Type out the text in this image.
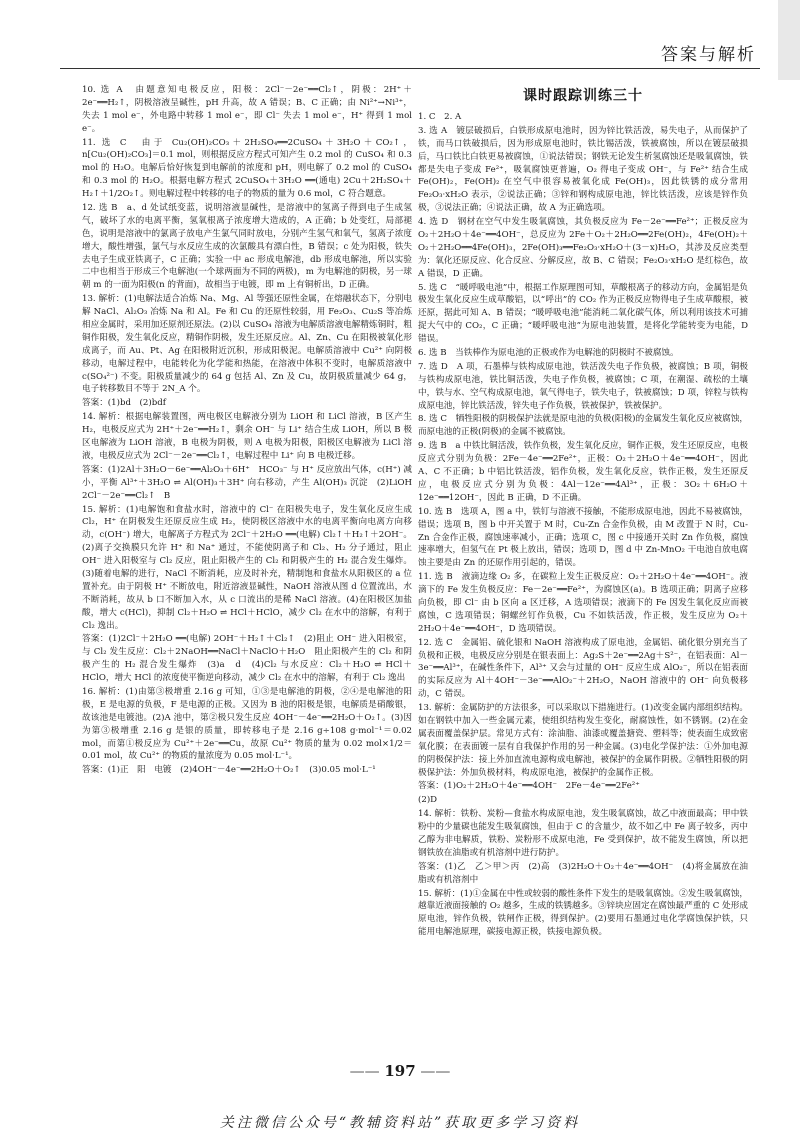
答案与解析

10. 选 A　由题意知电极反应，阳极：2Cl⁻－2e⁻══Cl₂↑，阴极：2H⁺＋2e⁻══H₂↑，阴极溶液呈碱性，pH 升高，故 A 错误；B、C 正确；由 Ni²⁺→Ni³⁺，失去 1 mol e⁻，外电路中转移 1 mol e⁻，即 Cl⁻ 失去 1 mol e⁻，H⁺ 得到 1 mol e⁻。

11. 选 C　由于 Cu₂(OH)₂CO₃＋2H₂SO₄══2CuSO₄＋3H₂O＋CO₂↑，n[Cu₂(OH)₂CO₃]＝0.1 mol，则根据反应方程式可知产生 0.2 mol 的 CuSO₄ 和 0.3 mol 的 H₂O。电解后恰好恢复到电解前的浓度和 pH，则电解了 0.2 mol 的 CuSO₄ 和 0.3 mol 的 H₂O。根据电解方程式 2CuSO₄＋3H₂O ══(通电) 2Cu＋2H₂SO₄＋H₂↑＋1/2O₂↑。则电解过程中转移的电子的物质的量为 0.6 mol，C 符合题意。

12. 选 B　a、d 处试纸变蓝，说明溶液显碱性，是溶液中的氢离子得到电子生成氢气，破坏了水的电离平衡，氢氧根离子浓度增大造成的，A 正确；b 处变红，局部褪色，说明是溶液中的氯离子放电产生氯气同时放电，分别产生氢气和氧气，氢离子浓度增大，酸性增强，氯气与水反应生成的次氯酸具有漂白性，B 错误；c 处为阳极，铁失去电子生成亚铁离子，C 正确；实验一中 ac 形成电解池，db 形成电解池，所以实验二中也相当于形成三个电解池(一个球两面为不同的两极)，m 为电解池的阴极，另一球朝 m 的一面为阳极(n 的背面)，故相当于电镀，即 m 上有铜析出，D 正确。

13. 解析：(1)电解法适合冶炼 Na、Mg、Al 等强还原性金属，在熔融状态下，分别电解 NaCl、Al₂O₃ 冶炼 Na 和 Al。Fe 和 Cu 的还原性较弱，用 Fe₂O₃、Cu₂S 等冶炼相应金属时，采用加还原剂还原法。(2)以 CuSO₄ 溶液为电解质溶液电解精炼铜时，粗铜作阳极，发生氧化反应，精铜作阴极，发生还原反应。Al、Zn、Cu 在阳极被氧化形成离子，而 Au、Pt、Ag 在阳极附近沉积，形成阳极泥。电解质溶液中 Cu²⁺ 向阴极移动，电解过程中，电能转化为化学能和热能，在溶液中体积不变时，电解质溶液中 c(SO₄²⁻) 不变。阳极质量减少的 64 g 包括 Al、Zn 及 Cu，故阴极质量减少 64 g，电子转移数目不等于 2N_A 个。

答案：(1)bd　(2)bdf

14. 解析：根据电解装置图，两电极区电解液分别为 LiOH 和 LiCl 溶液，B 区产生 H₂，电极反应式为 2H⁺＋2e⁻══H₂↑，剩余 OH⁻ 与 Li⁺ 结合生成 LiOH，所以 B 极区电解液为 LiOH 溶液，B 电极为阴极，则 A 电极为阳极，阳极区电解液为 LiCl 溶液，电极反应式为 2Cl⁻－2e⁻══Cl₂↑，电解过程中 Li⁺ 向 B 电极迁移。

答案：(1)2Al＋3H₂O－6e⁻══Al₂O₃＋6H⁺　HCO₃⁻ 与 H⁺ 反应放出气体，c(H⁺) 减小，平衡 Al³⁺＋3H₂O ⇌ Al(OH)₃＋3H⁺ 向右移动，产生 Al(OH)₃ 沉淀　(2)LiOH　2Cl⁻－2e⁻══Cl₂↑　B

15. 解析：(1)电解饱和食盐水时，溶液中的 Cl⁻ 在阳极失电子，发生氧化反应生成 Cl₂，H⁺ 在阴极发生还原反应生成 H₂，使阴极区溶液中水的电离平衡向电离方向移动，c(OH⁻) 增大，电解离子方程式为 2Cl⁻＋2H₂O ══(电解) Cl₂↑＋H₂↑＋2OH⁻。(2)离子交换膜只允许 H⁺ 和 Na⁺ 通过，不能使阴离子和 Cl₂、H₂ 分子通过，阻止 OH⁻ 进入阳极室与 Cl₂ 反应，阻止阳极产生的 Cl₂ 和阴极产生的 H₂ 混合发生爆炸。(3)随着电解的进行，NaCl 不断消耗，应及时补充，精制饱和食盐水从阳极区的 a 位置补充。由于阴极 H⁺ 不断放电，附近溶液显碱性，NaOH 溶液从图 d 位置流出，水不断消耗，故从 b 口不断加入水，从 c 口流出的是稀 NaCl 溶液。(4)在阳极区加盐酸，增大 c(HCl)，抑制 Cl₂＋H₂O ⇌ HCl＋HClO，减少 Cl₂ 在水中的溶解，有利于 Cl₂ 逸出。

答案：(1)2Cl⁻＋2H₂O ══(电解) 2OH⁻＋H₂↑＋Cl₂↑　(2)阻止 OH⁻ 进入阳极室，与 Cl₂ 发生反应：Cl₂＋2NaOH══NaCl＋NaClO＋H₂O　阻止阳极产生的 Cl₂ 和阴极产生的 H₂ 混合发生爆炸　(3)a　d　(4)Cl₂ 与水反应：Cl₂＋H₂O ⇌ HCl＋HClO，增大 HCl 的浓度使平衡逆向移动，减少 Cl₂ 在水中的溶解，有利于 Cl₂ 逸出

16. 解析：(1)由第③极增重 2.16 g 可知，①③是电解池的阴极，②④是电解池的阳极，E 是电源的负极，F 是电源的正极。又因为 B 池的阳极是银，电解质是硝酸银，故该池是电镀池。(2)A 池中，第②极只发生反应 4OH⁻－4e⁻══2H₂O＋O₂↑。(3)因为第③极增重 2.16 g 是银的质量，即转移电子是 2.16 g÷108 g·mol⁻¹＝0.02 mol，而第①极反应为 Cu²⁺＋2e⁻══Cu，故原 Cu²⁺ 物质的量为 0.02 mol×1/2＝0.01 mol，故 Cu²⁺ 的物质的量浓度为 0.05 mol·L⁻¹。

答案：(1)正　阳　电镀　(2)4OH⁻－4e⁻══2H₂O＋O₂↑　(3)0.05 mol·L⁻¹

课时跟踪训练三十

1. C　2. A

3. 选 A　镀层破损后，白铁形成原电池时，因为锌比铁活泼，易失电子，从而保护了铁，而马口铁破损后，因为形成原电池时，铁比锡活泼，铁被腐蚀，所以在镀层破损后，马口铁比白铁更易被腐蚀，①说法错误；钢铁无论发生析氢腐蚀还是吸氧腐蚀，铁都是失电子变成 Fe²⁺，吸氧腐蚀更普遍，O₂ 得电子变成 OH⁻，与 Fe²⁺ 结合生成 Fe(OH)₂，Fe(OH)₂ 在空气中很容易被氧化成 Fe(OH)₃，因此铁锈的成分常用 Fe₂O₃·xH₂O 表示，②说法正确；③锌和钢构成原电池，锌比铁活泼，应该是锌作负极，③说法正确；④说法正确，故 A 为正确选项。

4. 选 D　钢材在空气中发生吸氧腐蚀，其负极反应为 Fe－2e⁻══Fe²⁺；正极反应为 O₂＋2H₂O＋4e⁻══4OH⁻，总反应为 2Fe＋O₂＋2H₂O══2Fe(OH)₂，4Fe(OH)₂＋O₂＋2H₂O══4Fe(OH)₃，2Fe(OH)₃══Fe₂O₃·xH₂O＋(3－x)H₂O，其涉及反应类型为：氧化还原反应、化合反应、分解反应，故 B、C 错误；Fe₂O₃·xH₂O 是红棕色，故 A 错误，D 正确。

5. 选 C　“暖呼吸电池”中，根据工作原理图可知，草酸根离子的移动方向，金属铝是负极发生氧化反应生成草酸铝，以“呼出”的 CO₂ 作为正极反应物得电子生成草酸根，被还原，据此可知 A、B 错误；“暖呼吸电池”能消耗二氧化碳气体，所以利用该技术可捕捉大气中的 CO₂，C 正确；“暖呼吸电池”为原电池装置，是将化学能转变为电能，D 错误。

6. 选 B　当铁棒作为原电池的正极或作为电解池的阴极时不被腐蚀。

7. 选 D　A 项，石墨棒与铁构成原电池，铁活泼失电子作负极，被腐蚀；B 项，铜极与铁构成原电池，铁比铜活泼，失电子作负极，被腐蚀；C 项，在潮湿、疏松的土壤中，铁与水、空气构成原电池，氧气得电子，铁失电子，铁被腐蚀；D 项，锌粒与铁构成原电池，锌比铁活泼，锌失电子作负极，铁被保护，铁被保护。

8. 选 C　牺牲阳极的阴极保护法就是原电池的负极(阳极)的金属发生氧化反应被腐蚀，而原电池的正极(阴极)的金属不被腐蚀。

9. 选 B　a 中铁比铜活泼，铁作负极，发生氧化反应，铜作正极，发生还原反应，电极反应式分别为负极：2Fe－4e⁻══2Fe²⁺，正极：O₂＋2H₂O＋4e⁻══4OH⁻，因此 A、C 不正确；b 中铝比铁活泼，铝作负极，发生氧化反应，铁作正极，发生还原反应，电极反应式分别为负极：4Al－12e⁻══4Al³⁺，正极：3O₂＋6H₂O＋12e⁻══12OH⁻，因此 B 正确，D 不正确。

10. 选 B　选项 A，图 a 中，铁钉与溶液不接触，不能形成原电池，因此不易被腐蚀，错误；选项 B，图 b 中开关置于 M 时，Cu-Zn 合金作负极，由 M 改置于 N 时，Cu-Zn 合金作正极，腐蚀速率减小，正确；选项 C，图 c 中接通开关时 Zn 作负极，腐蚀速率增大，但氢气在 Pt 极上放出，错误；选项 D，图 d 中 Zn-MnO₂ 干电池自放电腐蚀主要是由 Zn 的还原作用引起的，错误。

11. 选 B　液滴边缘 O₂ 多，在碳粒上发生正极反应：O₂＋2H₂O＋4e⁻══4OH⁻。液滴下的 Fe 发生负极反应：Fe－2e⁻══Fe²⁺，为腐蚀区(a)。B 选项正确；阴离子应移向负极，即 Cl⁻ 由 b 区向 a 区迁移，A 选项错误；液滴下的 Fe 因发生氧化反应而被腐蚀，C 选项错误；铜螺丝钉作负极，Cu 不如铁活泼，作正极，发生反应为 O₂＋2H₂O＋4e⁻══4OH⁻，D 选项错误。

12. 选 C　金属铝、硫化银和 NaOH 溶液构成了原电池，金属铝、硫化银分别充当了负极和正极，电极反应分别是在银表面上：Ag₂S＋2e⁻══2Ag＋S²⁻，在铝表面：Al－3e⁻══Al³⁺，在碱性条件下，Al³⁺ 又会与过量的 OH⁻ 反应生成 AlO₂⁻，所以在铝表面的实际反应为 Al＋4OH⁻－3e⁻══AlO₂⁻＋2H₂O，NaOH 溶液中的 OH⁻ 向负极移动，C 错误。

13. 解析：金属防护的方法很多，可以采取以下措施进行。(1)改变金属内部组织结构。如在钢铁中加入一些金属元素，使组织结构发生变化，耐腐蚀性，如不锈钢。(2)在金属表面覆盖保护层。常见方式有：涂油脂、油漆或覆盖搪瓷、塑料等；使表面生成致密氧化膜；在表面镀一层有自我保护作用的另一种金属。(3)电化学保护法：①外加电源的阴极保护法：接上外加直流电源构成电解池，被保护的金属作阴极。②牺牲阳极的阴极保护法：外加负极材料，构成原电池，被保护的金属作正极。

答案：(1)O₂＋2H₂O＋4e⁻══4OH⁻　2Fe－4e⁻══2Fe²⁺

(2)D

14. 解析：铁粉、炭粉—食盐水构成原电池，发生吸氧腐蚀，故乙中液面最高；甲中铁粉中的少量碳也能发生吸氧腐蚀，但由于 C 的含量少，故不如乙中 Fe 离子较多，丙中乙醇为非电解质，铁粉、炭粉形不成原电池，Fe 受到保护，故不能发生腐蚀，所以把钢铁放在油脂或有机溶剂中进行防护。

答案：(1)乙　乙＞甲＞丙　(2)高　(3)2H₂O＋O₂＋4e⁻══4OH⁻　(4)将金属放在油脂或有机溶剂中

15. 解析：(1)①金属在中性或较弱的酸性条件下发生的是吸氧腐蚀。②发生吸氧腐蚀，越靠近液面接触的 O₂ 越多，生成的铁锈越多。③锌块应固定在腐蚀最严重的 C 处形成原电池，锌作负极，铁闸作正极，得到保护。(2)要用石墨通过电化学腐蚀保护铁，只能用电解池原理，碳接电源正极，铁接电源负极。

—— 197 ——
关注微信公众号“教辅资料站”获取更多学习资料
